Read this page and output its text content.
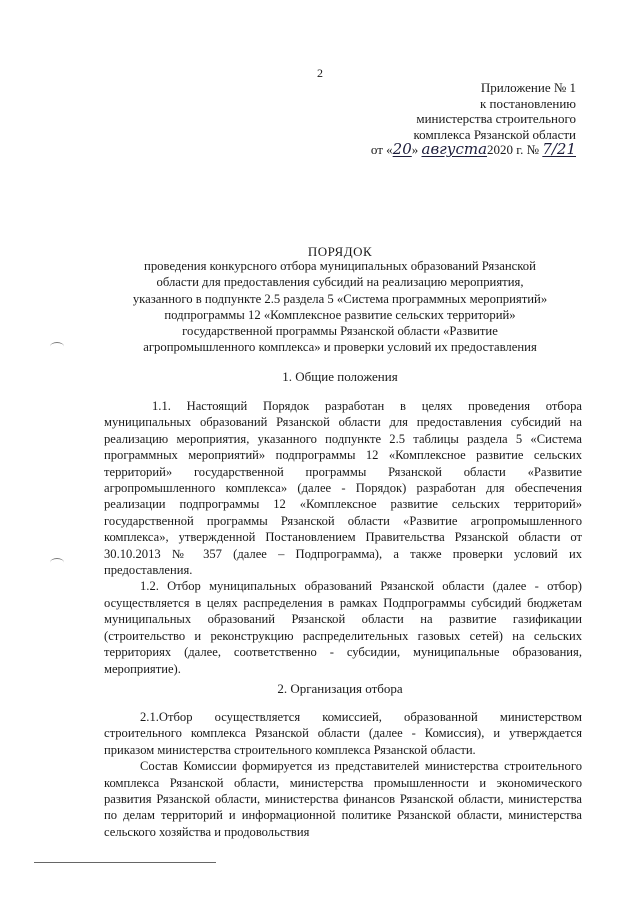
2
Приложение № 1
к постановлению
министерства строительного
комплекса Рязанской области
от «20» августа2020 г. № 7/21
ПОРЯДОК
проведения конкурсного отбора муниципальных образований Рязанской
области для предоставления субсидий на реализацию мероприятия,
указанного в подпункте 2.5 раздела 5 «Система программных мероприятий»
подпрограммы 12 «Комплексное развитие сельских территорий»
государственной программы Рязанской области «Развитие
агропромышленного комплекса» и проверки условий их предоставления
1. Общие положения

1.1. Настоящий Порядок разработан в целях проведения отбора муниципальных образований Рязанской области для предоставления субсидий на реализацию мероприятия, указанного подпункте 2.5 таблицы раздела 5 «Система программных мероприятий» подпрограммы 12 «Комплексное развитие сельских территорий» государственной программы Рязанской области «Развитие агропромышленного комплекса» (далее - Порядок) разработан для обеспечения реализации подпрограммы 12 «Комплексное развитие сельских территорий» государственной программы Рязанской области «Развитие агропромышленного комплекса», утвержденной Постановлением Правительства Рязанской области от 30.10.2013 № 357 (далее – Подпрограмма), а также проверки условий их предоставления.

1.2. Отбор муниципальных образований Рязанской области (далее - отбор) осуществляется в целях распределения в рамках Подпрограммы субсидий бюджетам муниципальных образований Рязанской области на развитие газификации (строительство и реконструкцию распределительных газовых сетей) на сельских территориях (далее, соответственно - субсидии, муниципальные образования, мероприятие).

2. Организация отбора

2.1.Отбор осуществляется комиссией, образованной министерством строительного комплекса Рязанской области (далее - Комиссия), и утверждается приказом министерства строительного комплекса Рязанской области.

Состав Комиссии формируется из представителей министерства строительного комплекса Рязанской области, министерства промышленности и экономического развития Рязанской области, министерства финансов Рязанской области, министерства по делам территорий и информационной политике Рязанской области, министерства сельского хозяйства и продовольствия
